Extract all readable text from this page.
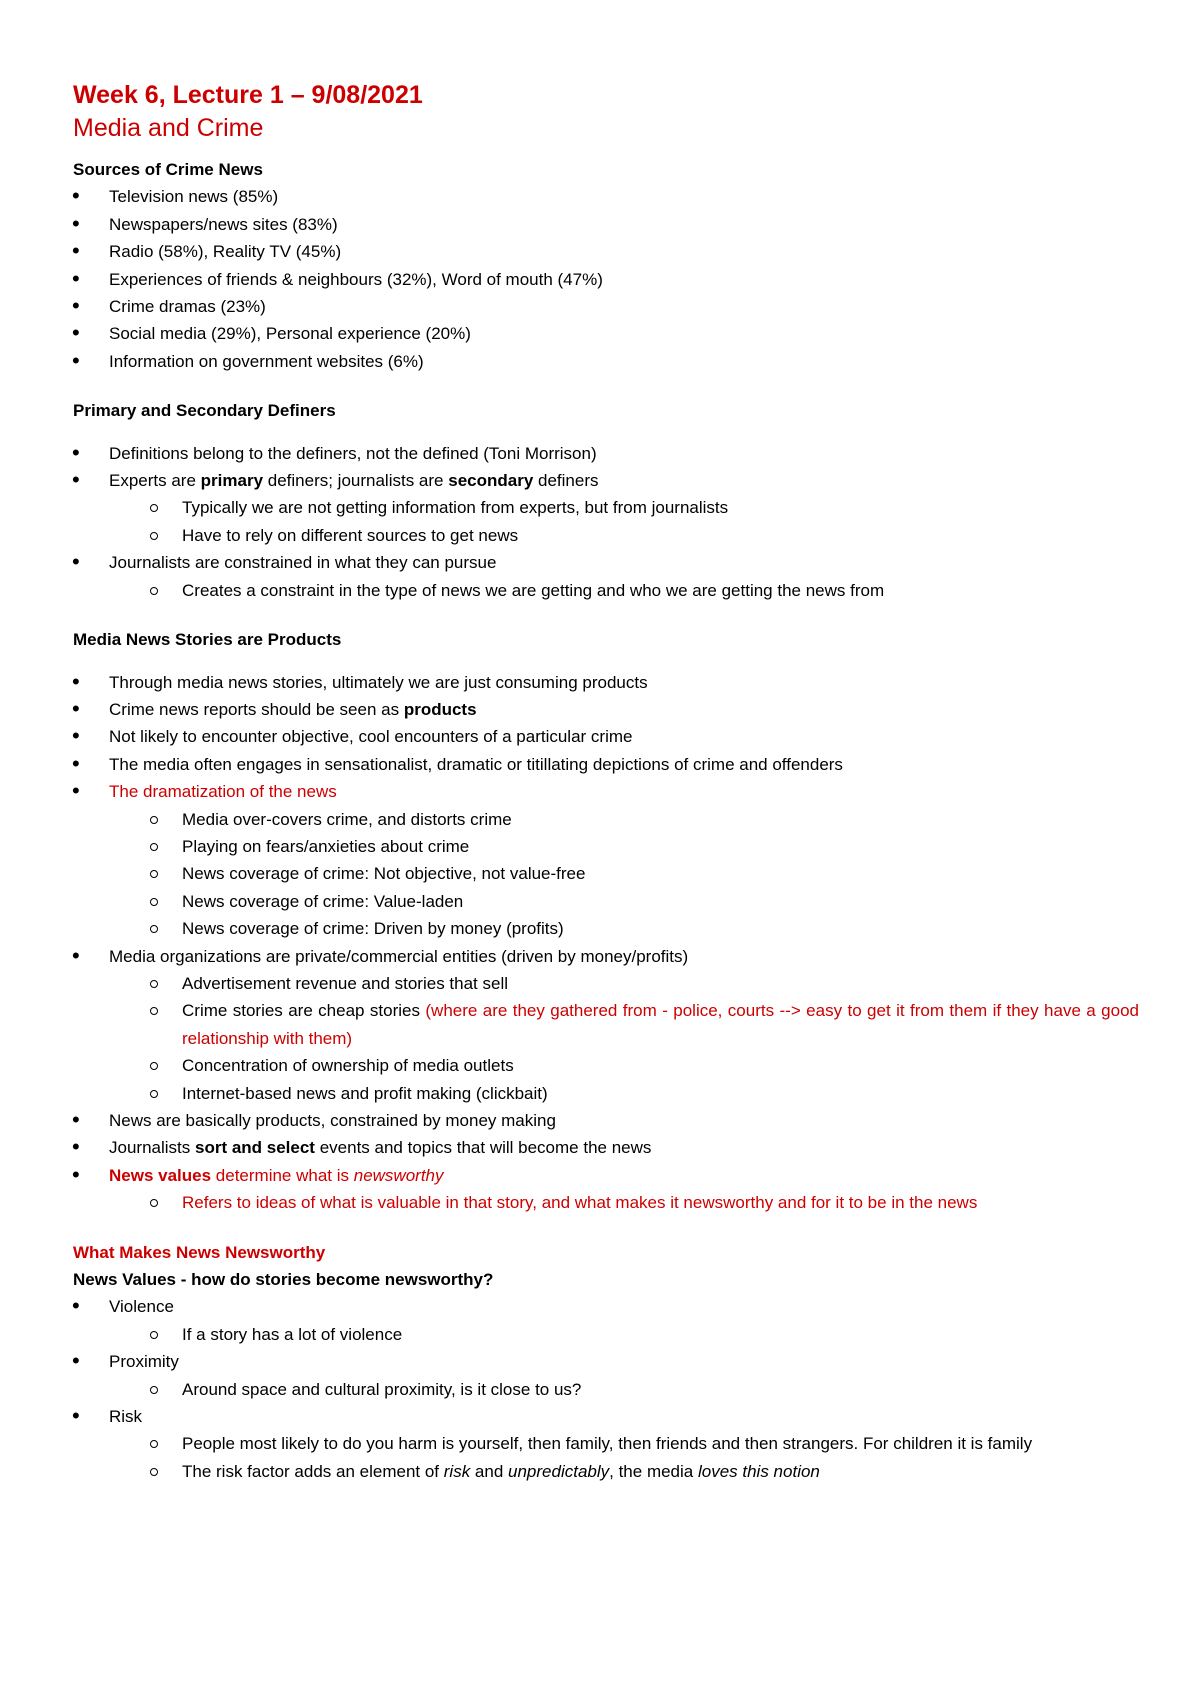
Week 6, Lecture 1 – 9/08/2021
Media and Crime
Sources of Crime News
• Television news (85%)
• Newspapers/news sites (83%)
• Radio (58%), Reality TV (45%)
• Experiences of friends & neighbours (32%), Word of mouth (47%)
• Crime dramas (23%)
• Social media (29%), Personal experience (20%)
• Information on government websites (6%)
Primary and Secondary Definers
• Definitions belong to the definers, not the defined (Toni Morrison)
• Experts are primary definers; journalists are secondary definers
Typically we are not getting information from experts, but from journalists
Have to rely on different sources to get news
• Journalists are constrained in what they can pursue
Creates a constraint in the type of news we are getting and who we are getting the news from
Media News Stories are Products
• Through media news stories, ultimately we are just consuming products
• Crime news reports should be seen as products
• Not likely to encounter objective, cool encounters of a particular crime
• The media often engages in sensationalist, dramatic or titillating depictions of crime and offenders
• The dramatization of the news
Media over-covers crime, and distorts crime
Playing on fears/anxieties about crime
News coverage of crime: Not objective, not value-free
News coverage of crime: Value-laden
News coverage of crime: Driven by money (profits)
• Media organizations are private/commercial entities (driven by money/profits)
Advertisement revenue and stories that sell
Crime stories are cheap stories (where are they gathered from - police, courts --> easy to get it from them if they have a good relationship with them)
Concentration of ownership of media outlets
Internet-based news and profit making (clickbait)
• News are basically products, constrained by money making
• Journalists sort and select events and topics that will become the news
• News values determine what is newsworthy
Refers to ideas of what is valuable in that story, and what makes it newsworthy and for it to be in the news
What Makes News Newsworthy
News Values - how do stories become newsworthy?
• Violence
If a story has a lot of violence
• Proximity
Around space and cultural proximity, is it close to us?
• Risk
People most likely to do you harm is yourself, then family, then friends and then strangers. For children it is family
The risk factor adds an element of risk and unpredictably, the media loves this notion
